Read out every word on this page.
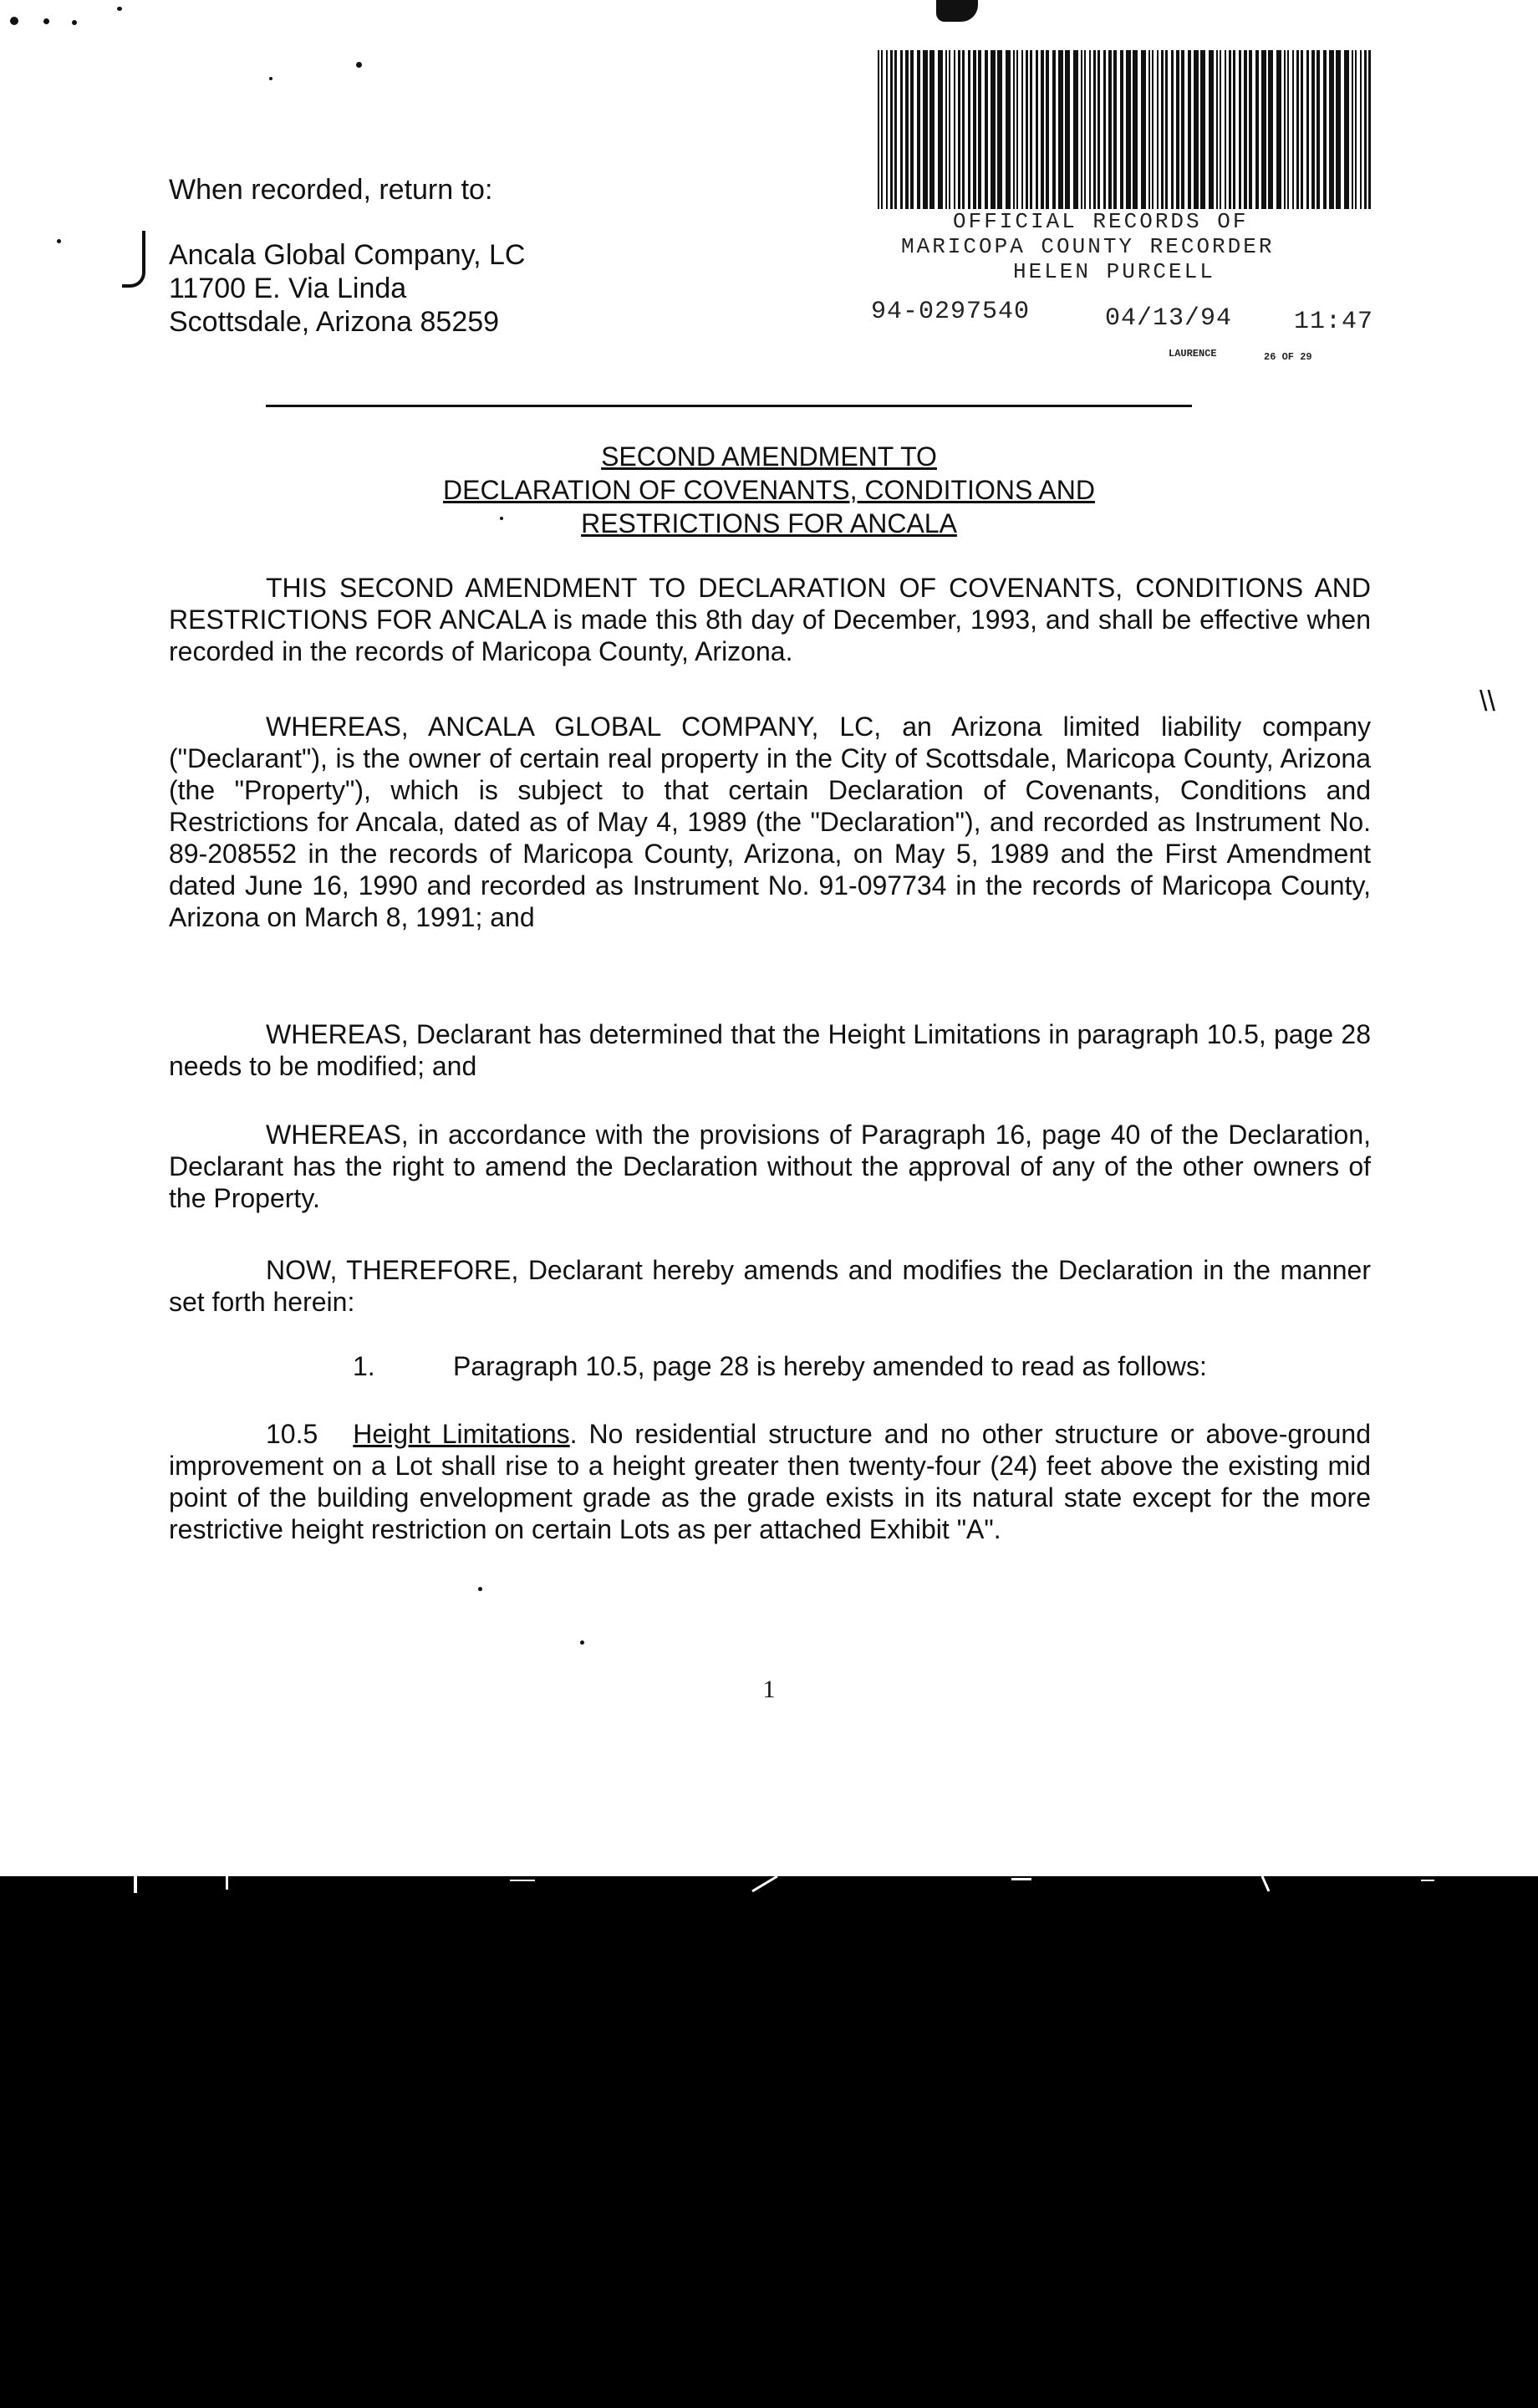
When recorded, return to:
Ancala Global Company, LC
11700 E. Via Linda
Scottsdale, Arizona 85259
OFFICIAL RECORDS OF
MARICOPA COUNTY RECORDER
HELEN PURCELL
94-0297540	04/13/94 11:47
LAURENCE	26 OF 29
SECOND AMENDMENT TO
DECLARATION OF COVENANTS, CONDITIONS AND
RESTRICTIONS FOR ANCALA

THIS SECOND AMENDMENT TO DECLARATION OF COVENANTS, CONDITIONS AND RESTRICTIONS FOR ANCALA is made this 8th day of December, 1993, and shall be effective when recorded in the records of Maricopa County, Arizona.

WHEREAS, ANCALA GLOBAL COMPANY, LC, an Arizona limited liability company ("Declarant"), is the owner of certain real property in the City of Scottsdale, Maricopa County, Arizona (the "Property"), which is subject to that certain Declaration of Covenants, Conditions and Restrictions for Ancala, dated as of May 4, 1989 (the "Declaration"), and recorded as Instrument No. 89-208552 in the records of Maricopa County, Arizona, on May 5, 1989 and the First Amendment dated June 16, 1990 and recorded as Instrument No. 91-097734 in the records of Maricopa County, Arizona on March 8, 1991; and

WHEREAS, Declarant has determined that the Height Limitations in paragraph 10.5, page 28 needs to be modified; and

WHEREAS, in accordance with the provisions of Paragraph 16, page 40 of the Declaration, Declarant has the right to amend the Declaration without the approval of any of the other owners of the Property.

NOW, THEREFORE, Declarant hereby amends and modifies the Declaration in the manner set forth herein:

1.	Paragraph 10.5, page 28 is hereby amended to read as follows:

10.5 Height Limitations. No residential structure and no other structure or above-ground improvement on a Lot shall rise to a height greater then twenty-four (24) feet above the existing mid point of the building envelopment grade as the grade exists in its natural state except for the more restrictive height restriction on certain Lots as per attached Exhibit "A".

\\
1
